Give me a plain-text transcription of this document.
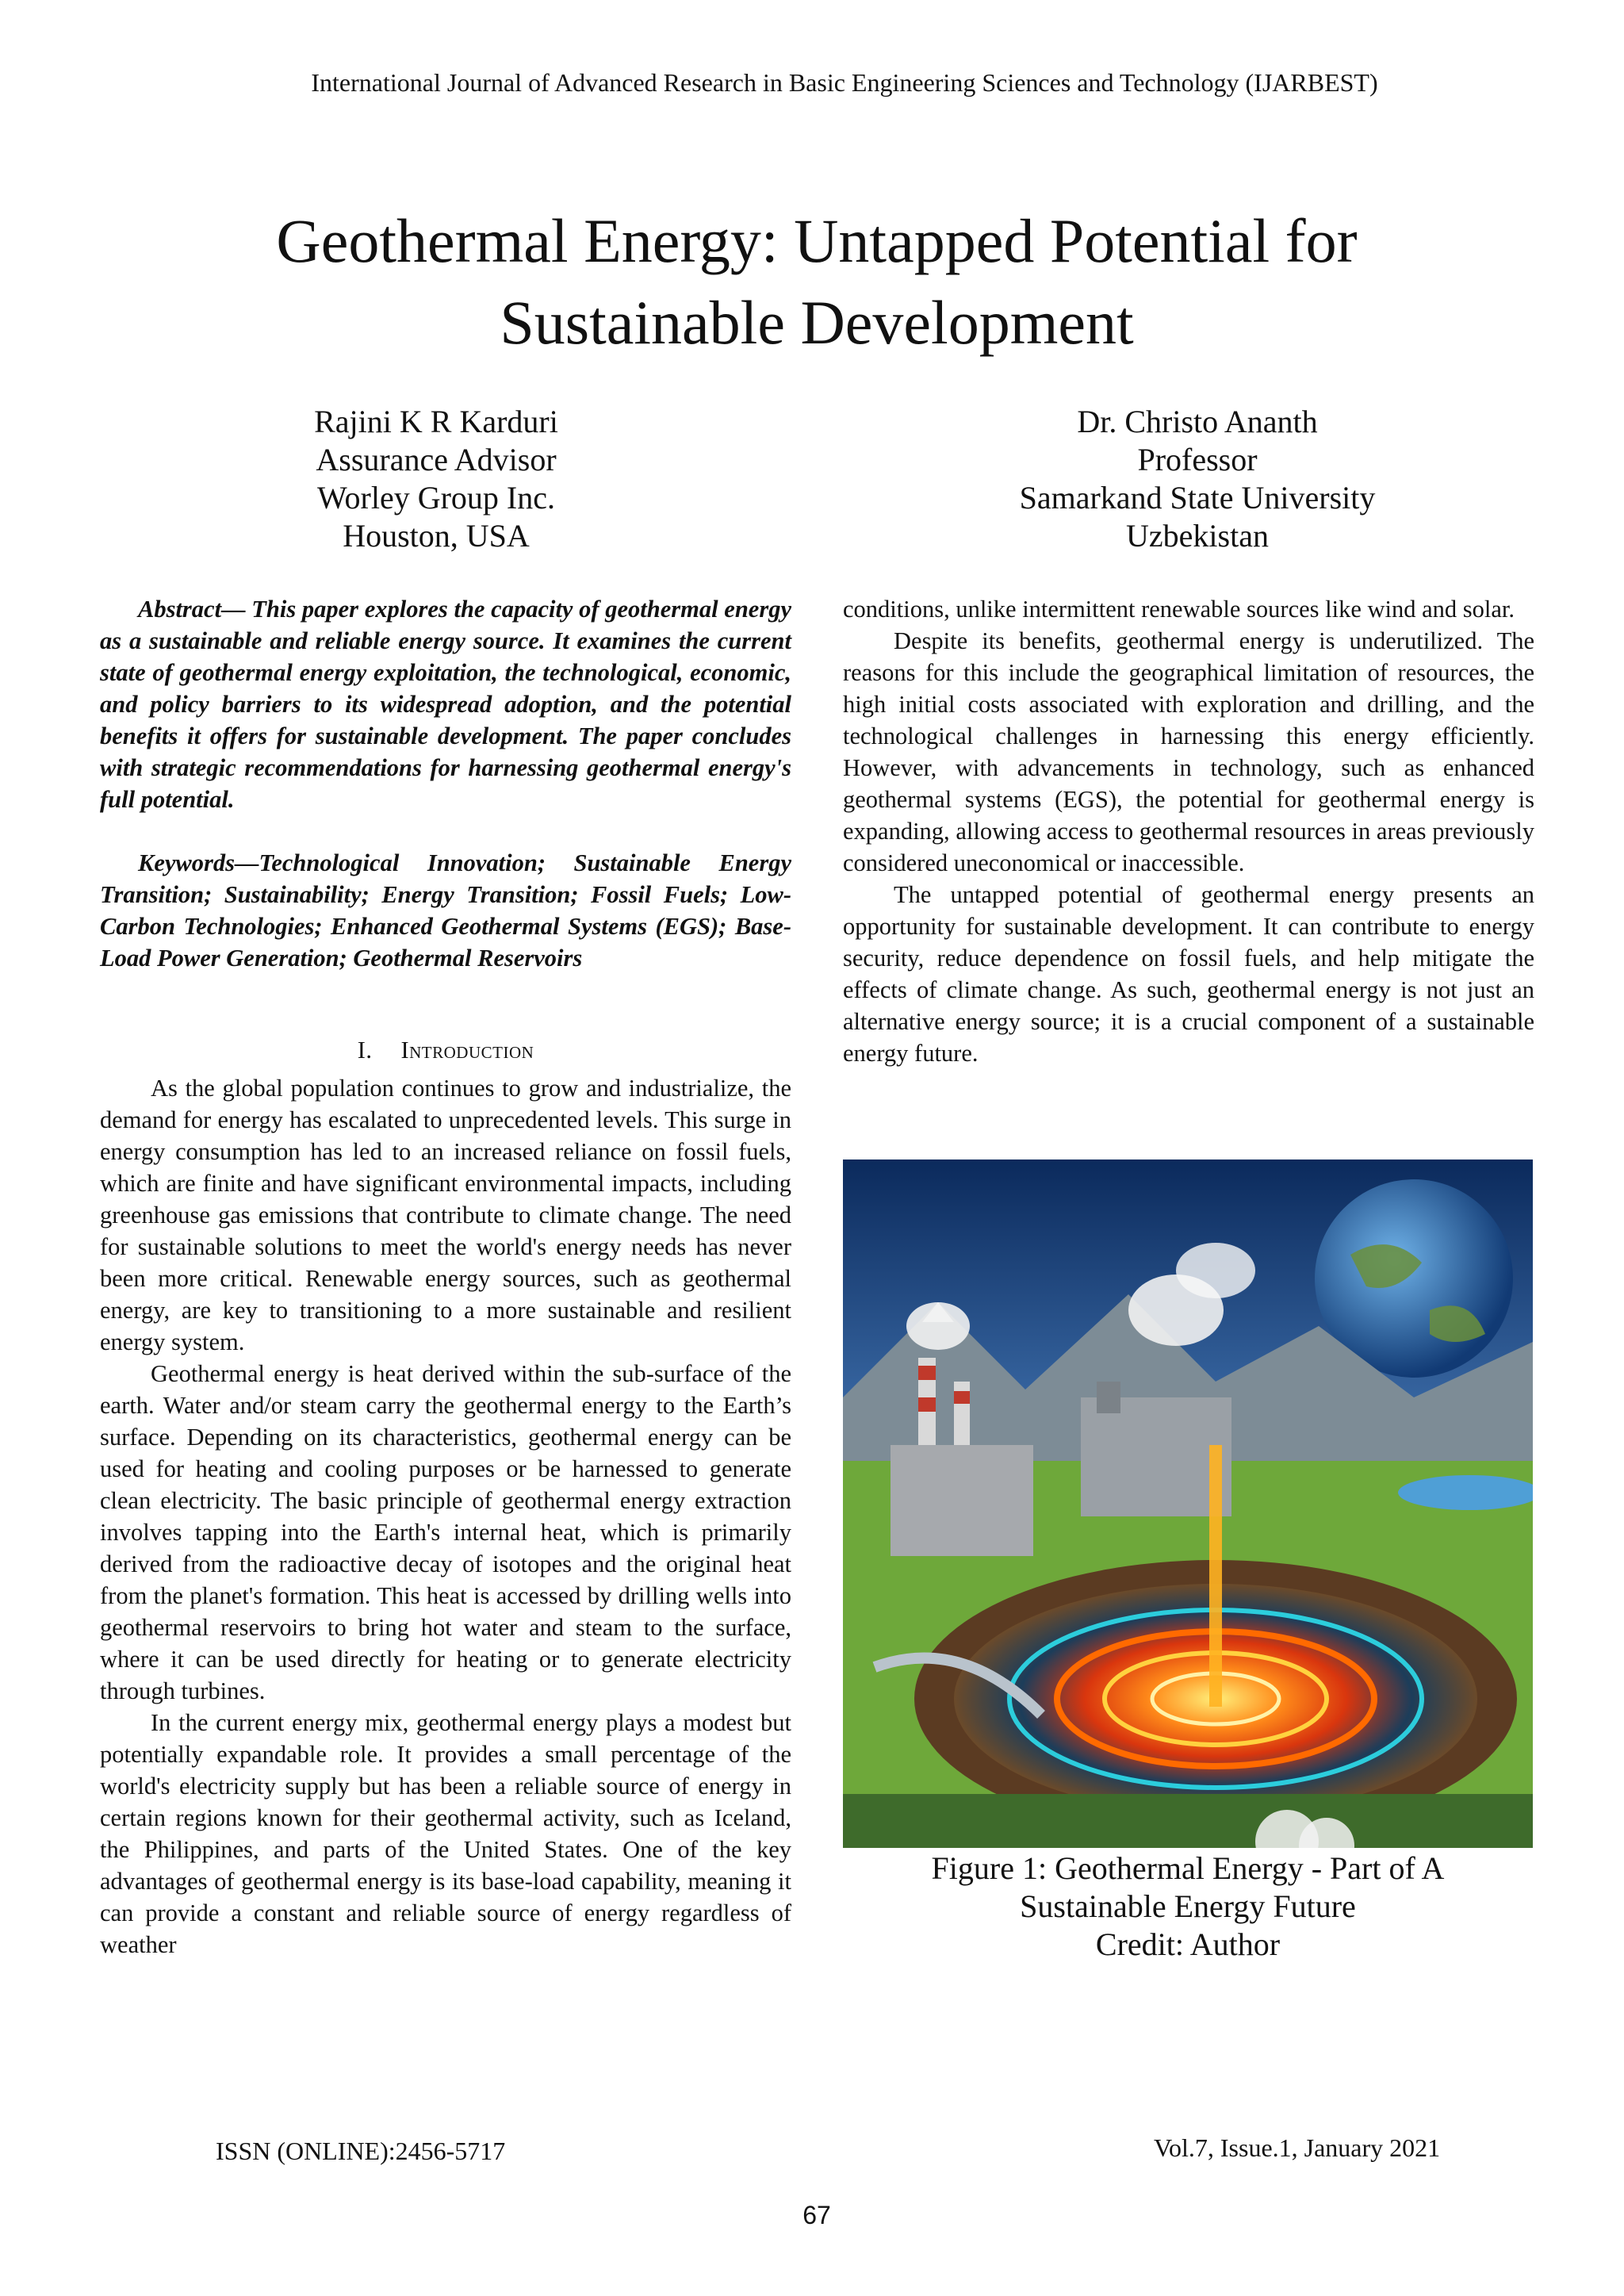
International Journal of Advanced Research in Basic Engineering Sciences and Technology (IJARBEST)
Geothermal Energy: Untapped Potential for
Sustainable Development
Rajini K R Karduri
Assurance Advisor
Worley Group Inc.
Houston, USA
Dr. Christo Ananth
Professor
Samarkand State University
Uzbekistan

Abstract— This paper explores the capacity of geothermal energy as a sustainable and reliable energy source. It examines the current state of geothermal energy exploitation, the technological, economic, and policy barriers to its widespread adoption, and the potential benefits it offers for sustainable development. The paper concludes with strategic recommendations for harnessing geothermal energy's full potential.

Keywords—Technological Innovation; Sustainable Energy Transition; Sustainability; Energy Transition; Fossil Fuels; Low-Carbon Technologies; Enhanced Geothermal Systems (EGS); Base-Load Power Generation; Geothermal Reservoirs

I. Introduction

As the global population continues to grow and industrialize, the demand for energy has escalated to unprecedented levels. This surge in energy consumption has led to an increased reliance on fossil fuels, which are finite and have significant environmental impacts, including greenhouse gas emissions that contribute to climate change. The need for sustainable solutions to meet the world's energy needs has never been more critical. Renewable energy sources, such as geothermal energy, are key to transitioning to a more sustainable and resilient energy system.

Geothermal energy is heat derived within the sub-surface of the earth. Water and/or steam carry the geothermal energy to the Earth’s surface. Depending on its characteristics, geothermal energy can be used for heating and cooling purposes or be harnessed to generate clean electricity. The basic principle of geothermal energy extraction involves tapping into the Earth's internal heat, which is primarily derived from the radioactive decay of isotopes and the original heat from the planet's formation. This heat is accessed by drilling wells into geothermal reservoirs to bring hot water and steam to the surface, where it can be used directly for heating or to generate electricity through turbines.

In the current energy mix, geothermal energy plays a modest but potentially expandable role. It provides a small percentage of the world's electricity supply but has been a reliable source of energy in certain regions known for their geothermal activity, such as Iceland, the Philippines, and parts of the United States. One of the key advantages of geothermal energy is its base-load capability, meaning it can provide a constant and reliable source of energy regardless of weather

conditions, unlike intermittent renewable sources like wind and solar.

Despite its benefits, geothermal energy is underutilized. The reasons for this include the geographical limitation of resources, the high initial costs associated with exploration and drilling, and the technological challenges in harnessing this energy efficiently. However, with advancements in technology, such as enhanced geothermal systems (EGS), the potential for geothermal energy is expanding, allowing access to geothermal resources in areas previously considered uneconomical or inaccessible.

The untapped potential of geothermal energy presents an opportunity for sustainable development. It can contribute to energy security, reduce dependence on fossil fuels, and help mitigate the effects of climate change. As such, geothermal energy is not just an alternative energy source; it is a crucial component of a sustainable energy future.

Figure 1: Geothermal Energy - Part of A
Sustainable Energy Future
Credit: Author
ISSN (ONLINE):2456-5717	Vol.7, Issue.1, January 2021
67
